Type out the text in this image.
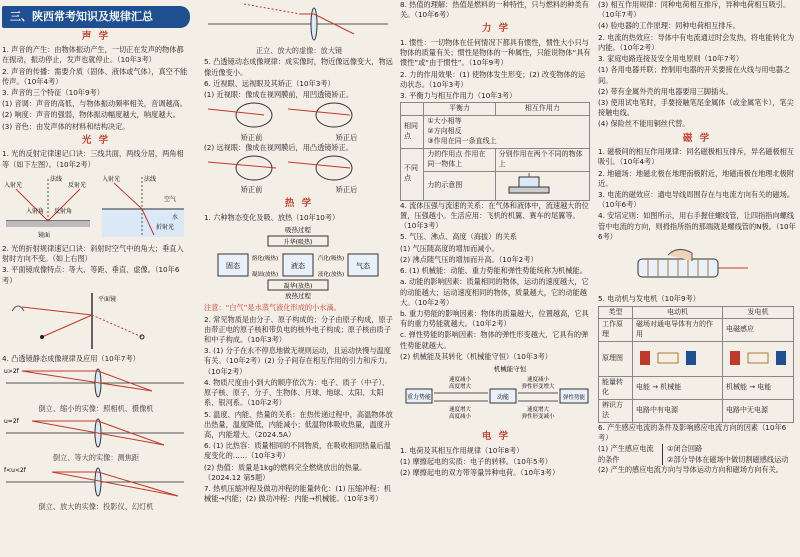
三、陕西常考知识及规律汇总
声 学
1. 声音的产生：由物体振动产生，一切正在发声的物体都在振动，振动停止，发声也就停止。（10年3考）
2. 声音的传播：需要介质（固体、液体或气体），真空不能传声。（10年4考）
3. 声音的三个特征（10年9考）
(1) 音调：声音的高低，与物体振动频率相关，音调越高。
(2) 响度：声音的强弱，物体振动幅度越大，响度越大。
(3) 音色：由发声体的材料和结构决定。
光 学
1. 光的反射定律速记口诀：三线共面，两线分居，两角相等（如下左图）。（10年2考）
法线
入射光	反射光
入射角 反射角
镜面
法线
入射光
空气
折射光
水
2. 光的折射规律速记口诀：斜射时空气中的角大；垂直入射时方向不变。（如上右图）
3. 平面镜成像特点：等大、等距、垂直、虚像。（10年6考）
平面镜
4. 凸透镜静态成像规律及应用（10年7考）
u>2f
倒立、缩小的实像：照相机、摄像机
u=2f
倒立、等大的实像：测焦距
f<u<2f
倒立、放大的实像：投影仪、幻灯机
正立、放大的虚像：放大镜
5. 凸透镜动态成像规律：成实像时，物近像远像变大，物远像近像变小。
6. 近视眼、远视眼及其矫正（10年3考）
(1) 近视眼：像成在视网膜前，用凹透镜矫正。
矫正前	矫正后
(2) 远视眼：像成在视网膜后，用凸透镜矫正。
矫正前	矫正后
热 学
1. 六种物态变化及吸、放热（10年10考）
吸热过程
升华(吸热)
固态	液态	气态
熔化(吸热)
凝固(放热)
汽化(吸热)
液化(放热)
凝华(放热)
放热过程
注意：“白气”是水蒸气液化形成的小水滴。
2. 常见物质是由分子、原子构成的；分子由原子构成，原子由带正电的原子核和带负电的核外电子构成；原子核由质子和中子构成。（10年3考）
3. (1) 分子在永不停息地做无规则运动，且运动快慢与温度有关。（10年2考）(2) 分子间存在相互作用的引力和斥力。（10年2考）
4. 物质尺度由小到大的顺序依次为：电子、质子（中子）、原子核、原子、分子、生物体、月球、地球、太阳、太阳系、银河系。（10年2考）
5. 温度、内能、热量的关系：在热传递过程中，高温物体放出热量，温度降低，内能减小；低温物体吸收热量，温度升高，内能增大。（2024.5A）
6. (1) 比热容：质量相同的不同物质，在吸收相同热量后温度变化的……（10年3考）
(2) 热值：质量是1kg的燃料完全燃烧放出的热量。（2024.12 第5题）
7. 热机压缩冲程及做功冲程的能量转化：(1) 压缩冲程：机械能→内能；(2) 做功冲程：内能→机械能。（10年3考）
8. 热值的理解：热值是燃料的一种特性，只与燃料的种类有关。（10年6考）
力 学
1. 惯性：一切物体在任何情况下都具有惯性，惯性大小只与物体的质量有关；惯性是物体的一种属性，只能说物体“具有惯性”或“由于惯性”。（10年9考）
2. 力的作用效果：(1) 使物体发生形变；(2) 改变物体的运动状态。（10年3考）
3. 平衡力与相互作用力（10年3考）
	平衡力	相互作用力
相同点	①大小相等
②方向相反
③作用在同一条直线上	

不同点	力的作用点 作用在同一物体上	分别作用在两个不同的物体上
	力的示意图	
4. 流体压强与流速的关系：在气体和液体中，流速越大的位置，压强越小。生活应用：飞机的机翼、赛车的尾翼等。（10年3考）
5. 气压、沸点、高度（海拔）的关系
(1) 气压随高度的增加而减小。
(2) 沸点随气压的增加而升高。（10年2考）
6. (1) 机械能：动能、重力势能和弹性势能统称为机械能。
a. 动能的影响因素：质量相同的物体，运动的速度越大，它的动能越大；运动速度相同的物体，质量越大，它的动能越大。（10年2考）
b. 重力势能的影响因素：物体的质量越大，位置越高，它具有的重力势能就越大。（10年2考）
c. 弹性势能的影响因素：物体的弹性形变越大，它具有的弹性势能就越大。
(2) 机械能及其转化（机械能守恒）（10年3考）
机械能守恒
重力势能	动能	弹性势能
速度减小
高度增大
速度增大
高度减小
速度减小
弹性形变增大
速度增大
弹性形变减小
电 学
1. 电荷及其相互作用规律（10年8考）
(1) 摩擦起电的实质：电子的转移。（10年5考）
(2) 摩擦起电的双方带等量异种电荷。（10年3考）
(3) 相互作用规律：同种电荷相互排斥，异种电荷相互吸引。（10年7考）
(4) 验电器的工作原理：同种电荷相互排斥。
2. 电流的热效应：导体中有电流通过时会发热，将电能转化为内能。（10年2考）
3. 家庭电路连接及安全用电原则（10年7考）
(1) 各用电器并联；控制用电器的开关要接在火线与用电器之间。
(2) 带有金属外壳的用电器要用三脚插头。
(3) 使用试电笔时，手要接触笔尾金属体（或金属笔卡），笔尖接触电线。
(4) 保险丝不能用铜丝代替。
磁 学
1. 磁极间的相互作用规律：同名磁极相互排斥，异名磁极相互吸引。（10年4考）
2. 地磁场：地磁北极在地理南极附近，地磁南极在地理北极附近。
3. 电流的磁效应：通电导线周围存在与电流方向有关的磁场。（10年6考）
4. 安培定则：如图所示，用右手握住螺线管，让四指指向螺线管中电流的方向，则拇指所指的那端就是螺线管的N极。（10年6考）
5. 电动机与发电机（10年9考）
类型	电动机	发电机
工作原理	磁场对通电导体有力的作用	电磁感应
原理图		
能量转化	电能 → 机械能	机械能 → 电能
辨识方法	电路中有电源	电路中无电源
6. 产生感应电流的条件及影响感应电流方向的因素（10年6考）
(1) 产生感应电流的条件
①闭合回路
②部分导体在磁场中做切割磁感线运动
(2) 产生的感应电流方向与导体运动方向和磁场方向有关。
